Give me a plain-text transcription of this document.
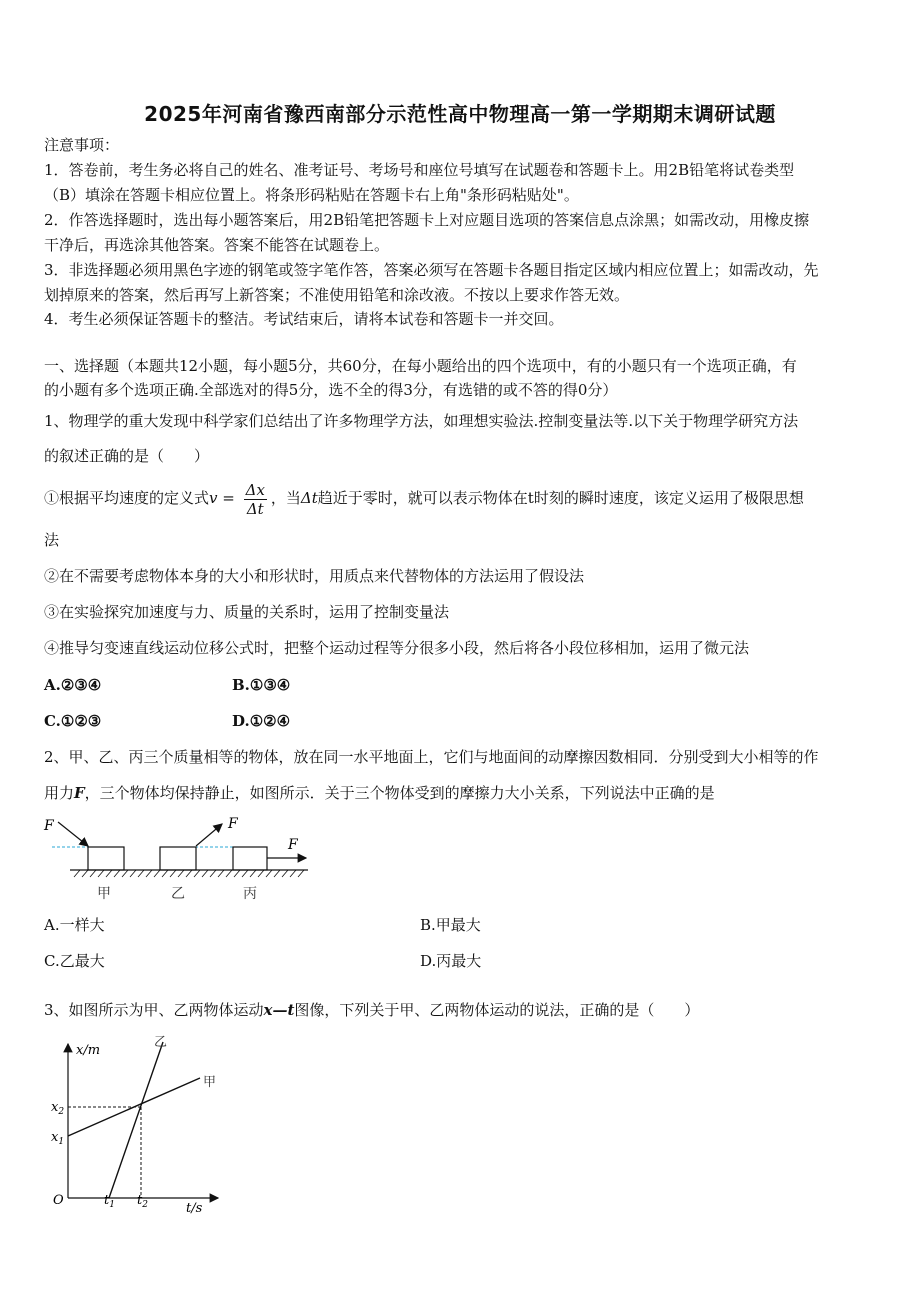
2025年河南省豫西南部分示范性高中物理高一第一学期期末调研试题
注意事项：
1．答卷前，考生务必将自己的姓名、准考证号、考场号和座位号填写在试题卷和答题卡上。用2B铅笔将试卷类型
（B）填涂在答题卡相应位置上。将条形码粘贴在答题卡右上角"条形码粘贴处"。
2．作答选择题时，选出每小题答案后，用2B铅笔把答题卡上对应题目选项的答案信息点涂黑；如需改动，用橡皮擦
干净后，再选涂其他答案。答案不能答在试题卷上。
3．非选择题必须用黑色字迹的钢笔或签字笔作答，答案必须写在答题卡各题目指定区域内相应位置上；如需改动，先
划掉原来的答案，然后再写上新答案；不准使用铅笔和涂改液。不按以上要求作答无效。
4．考生必须保证答题卡的整洁。考试结束后，请将本试卷和答题卡一并交回。
一、选择题（本题共12小题，每小题5分，共60分，在每小题给出的四个选项中，有的小题只有一个选项正确，有
的小题有多个选项正确.全部选对的得5分，选不全的得3分，有选错的或不答的得0分）
1、物理学的重大发现中科学家们总结出了许多物理学方法，如理想实验法.控制变量法等.以下关于物理学研究方法
的叙述正确的是（　　）
①根据平均速度的定义式$v = \frac{\Delta x}{\Delta t}$ ，当Δt趋近于零时，就可以表示物体在t时刻的瞬时速度，该定义运用了极限思想
法
②在不需要考虑物体本身的大小和形状时，用质点来代替物体的方法运用了假设法
③在实验探究加速度与力、质量的关系时，运用了控制变量法
④推导匀变速直线运动位移公式时，把整个运动过程等分很多小段，然后将各小段位移相加，运用了微元法
A.②③④	B.①③④
C.①②③	D.①②④
2、甲、乙、丙三个质量相等的物体，放在同一水平地面上，它们与地面间的动摩擦因数相同．分别受到大小相等的作
用力F，三个物体均保持静止，如图所示．关于三个物体受到的摩擦力大小关系，下列说法中正确的是
F	F
F
甲	乙	丙
A.一样大	B.甲最大
C.乙最大	D.丙最大
3、如图所示为甲、乙两物体运动x—t图像，下列关于甲、乙两物体运动的说法，正确的是（　　）
x/m
t/s
O
$x_2$
$x_1$
$t_1$ $t_2$
乙
甲
